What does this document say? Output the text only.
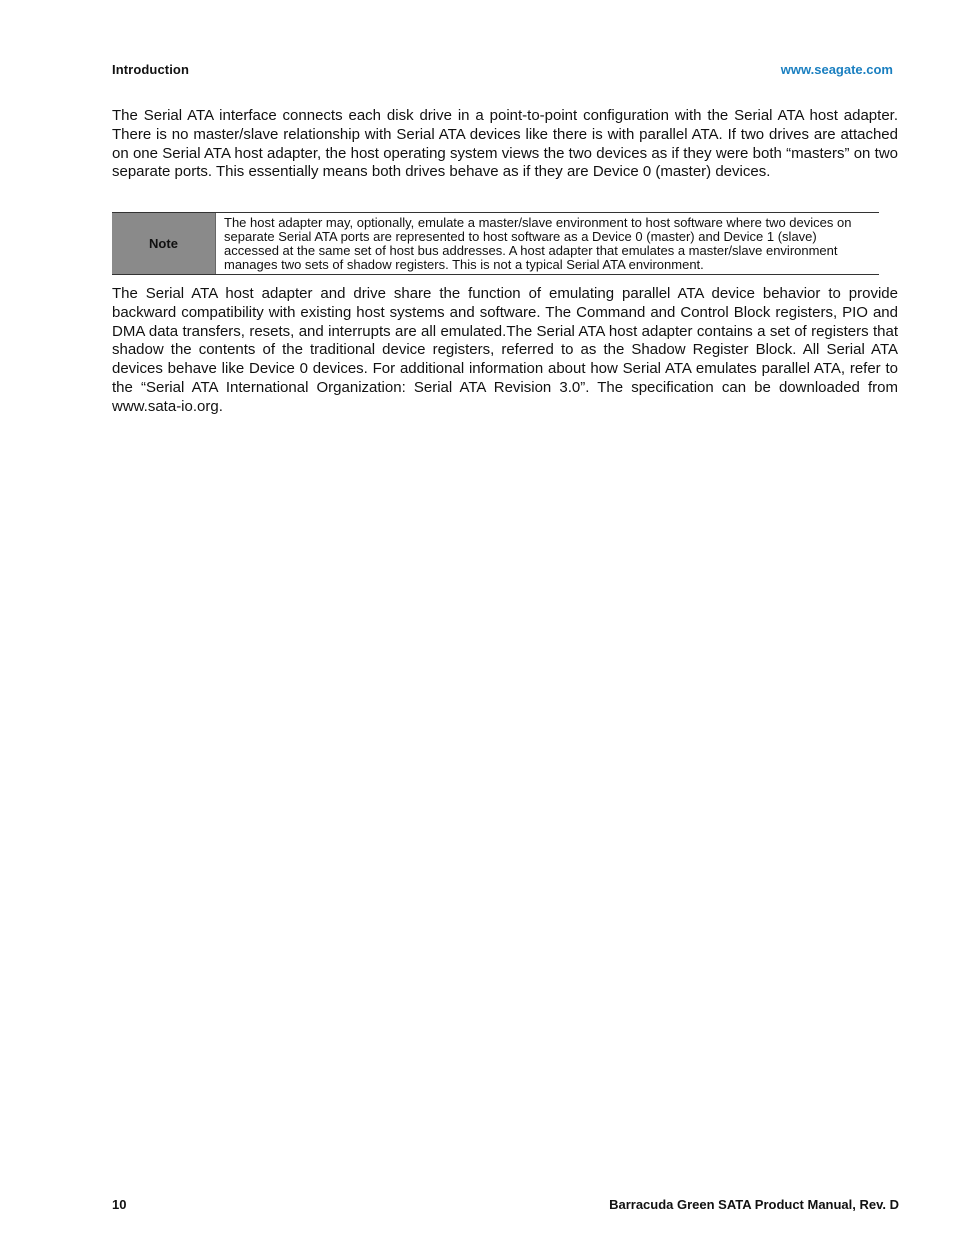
Introduction	www.seagate.com

The Serial ATA interface connects each disk drive in a point-to-point configuration with the Serial ATA host adapter. There is no master/slave relationship with Serial ATA devices like there is with parallel ATA. If two drives are attached on one Serial ATA host adapter, the host operating system views the two devices as if they were both “masters” on two separate ports. This essentially means both drives behave as if they are Device 0 (master) devices.

Note
The host adapter may, optionally, emulate a master/slave environment to host software where two devices on separate Serial ATA ports are represented to host software as a Device 0 (master) and Device 1 (slave) accessed at the same set of host bus addresses. A host adapter that emulates a master/slave environment manages two sets of shadow registers. This is not a typical Serial ATA environment.

The Serial ATA host adapter and drive share the function of emulating parallel ATA device behavior to provide backward compatibility with existing host systems and software. The Command and Control Block registers, PIO and DMA data transfers, resets, and interrupts are all emulated.The Serial ATA host adapter contains a set of registers that shadow the contents of the traditional device registers, referred to as the Shadow Register Block. All Serial ATA devices behave like Device 0 devices. For additional information about how Serial ATA emulates parallel ATA, refer to the “Serial ATA International Organization: Serial ATA Revision 3.0”. The specification can be downloaded from www.sata-io.org.

10	Barracuda Green SATA Product Manual, Rev. D
